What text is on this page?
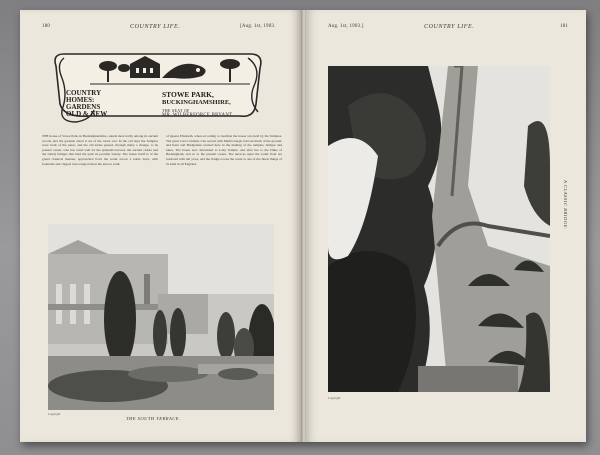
180	COUNTRY LIFE.	[Aug. 1st, 1903.
COUNTRY
HOMES:
GARDENS
OLD & NEW
STOWE PARK,
BUCKINGHAMSHIRE,
THE SEAT OF
MR. WILBERFORCE BRYANT.
THE house of Stowe Park, in Buckinghamshire, stands most nobly among its ancient woods, and the gardens about it are of the rarest sort. In the old days the Temples were lords of the place, and the old estate passed, through many a change, to its present owner, who has cared well for the splendid terraces, the ancient cedars and the stately bridges that lend the park its peculiar beauty. The house itself is of the grand classical manner, approached from the south across a noble lawn, with fountains and clipped trees ranged about the terrace walk.
of Queen Elizabeth, when according to tradition the house was held by the Temples. The great Lord Cobham, who served with Marlborough, laid out much of the ground, and Kent and Bridgeman worked here in the making of the temples, bridges and lakes. The house now descended to Lady Temple, and after her to the Duke of Buckingham, and so to the present owner. The terraces upon the south front are bordered with tall yews, and the bridge across the water is one of the finest things of its kind in all England.
Copyright
THE SOUTH TERRACE.
Aug. 1st, 1903.]	COUNTRY LIFE.	181
Copyright
A CLASSIC BRIDGE.
